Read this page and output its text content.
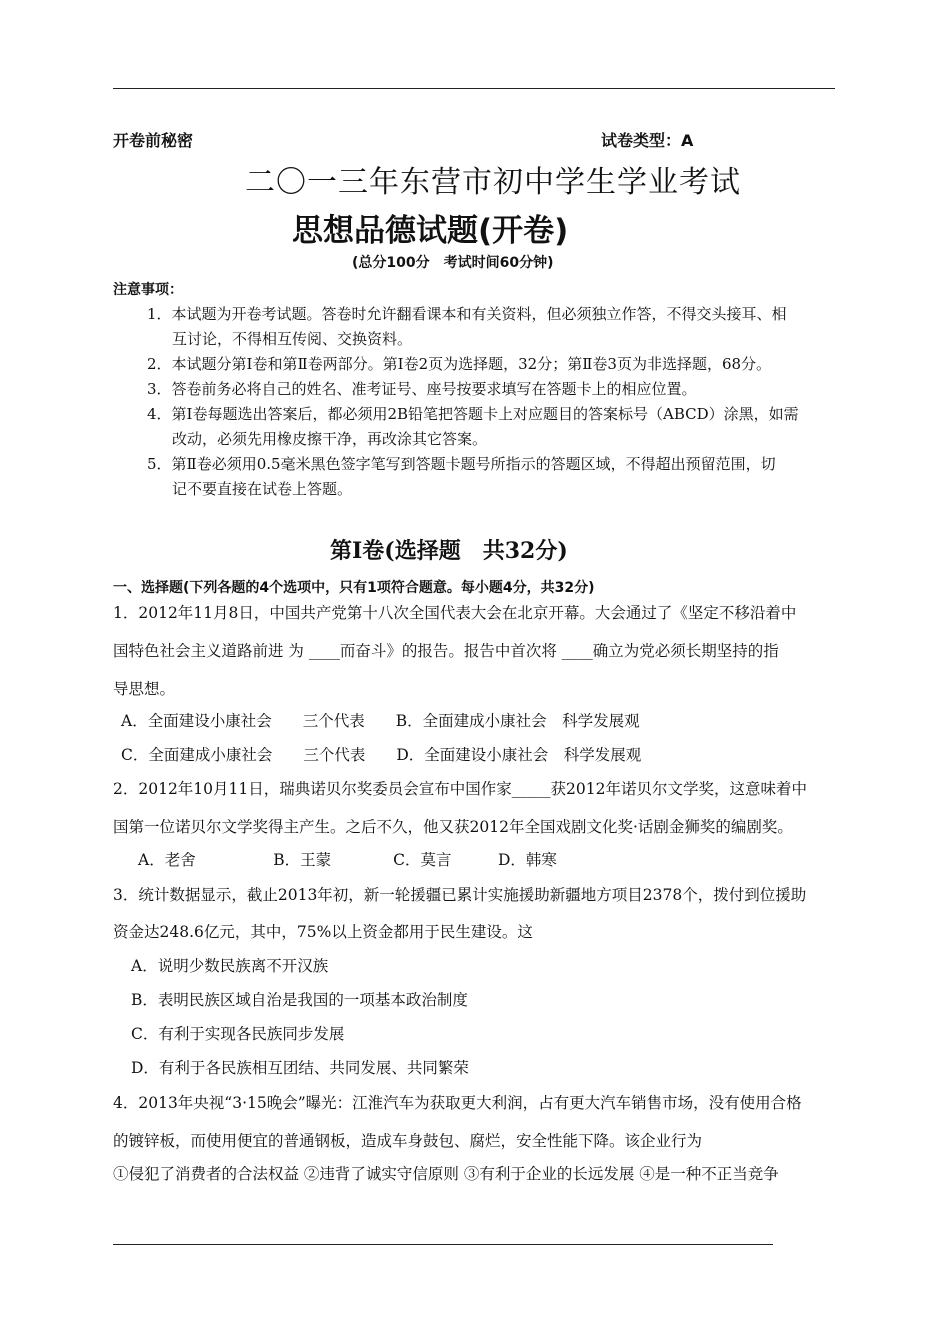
开卷前秘密	试卷类型：A
二〇一三年东营市初中学生学业考试
思想品德试题(开卷)
(总分100分　考试时间60分钟)
注意事项：
1．本试题为开卷考试题。答卷时允许翻看课本和有关资料，但必须独立作答，不得交头接耳、相
互讨论，不得相互传阅、交换资料。
2．本试题分第Ⅰ卷和第Ⅱ卷两部分。第Ⅰ卷2页为选择题，32分；第Ⅱ卷3页为非选择题，68分。
3．答卷前务必将自己的姓名、准考证号、座号按要求填写在答题卡上的相应位置。
4．第Ⅰ卷每题选出答案后，都必须用2B铅笔把答题卡上对应题目的答案标号（ABCD）涂黑，如需
改动，必须先用橡皮擦干净，再改涂其它答案。
5．第Ⅱ卷必须用0.5毫米黑色签字笔写到答题卡题号所指示的答题区域，不得超出预留范围，切
记不要直接在试卷上答题。
第Ⅰ卷(选择题　共32分)
一、选择题(下列各题的4个选项中，只有1项符合题意。每小题4分，共32分)
1．2012年11月8日，中国共产党第十八次全国代表大会在北京开幕。大会通过了《坚定不移沿着中
国特色社会主义道路前进 为 ____而奋斗》的报告。报告中首次将 ____确立为党必须长期坚持的指
导思想。
A．全面建设小康社会　　三个代表　　B．全面建成小康社会　科学发展观
C．全面建成小康社会　　三个代表　　D．全面建设小康社会　科学发展观
2．2012年10月11日，瑞典诺贝尔奖委员会宣布中国作家_____获2012年诺贝尔文学奖，这意味着中
国第一位诺贝尔文学奖得主产生。之后不久，他又获2012年全国戏剧文化奖·话剧金狮奖的编剧奖。
A．老舍　　　　　B．王蒙　　　　C．莫言　　　D．韩寒
3．统计数据显示，截止2013年初，新一轮援疆已累计实施援助新疆地方项目2378个，拨付到位援助
资金达248.6亿元，其中，75%以上资金都用于民生建设。这
A．说明少数民族离不开汉族
B．表明民族区域自治是我国的一项基本政治制度
C．有利于实现各民族同步发展
D．有利于各民族相互团结、共同发展、共同繁荣
4．2013年央视“3·15晚会”曝光：江淮汽车为获取更大利润，占有更大汽车销售市场，没有使用合格
的镀锌板，而使用便宜的普通钢板，造成车身鼓包、腐烂，安全性能下降。该企业行为
①侵犯了消费者的合法权益 ②违背了诚实守信原则 ③有利于企业的长远发展 ④是一种不正当竞争
